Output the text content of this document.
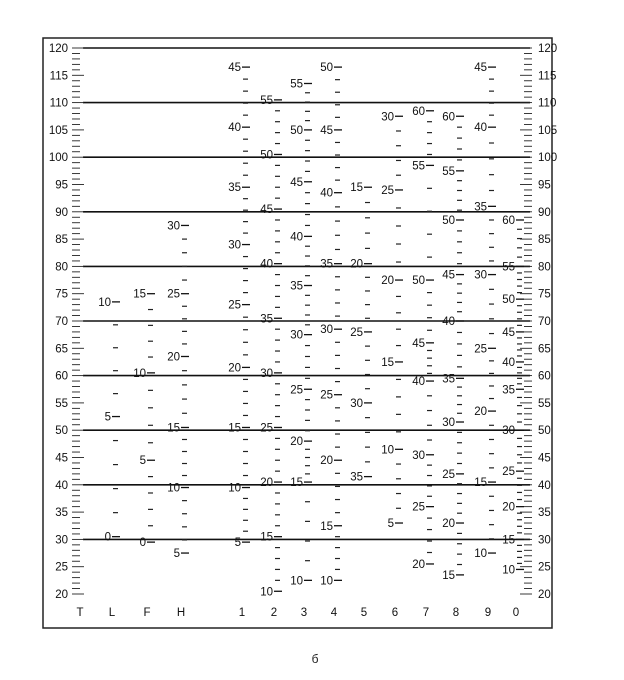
20
25
30
35
40
45
50
55
60
65
70
75
80
85
90
95
100
105
110
115
120
20
25
30
35
40
45
50
55
60
65
70
75
80
85
90
95
100
105
110
115
120
0
5
10
0
5
10
15
5
10
15
20
25
30
5
10
15
20
25
30
35
40
45
10
15
20
25
30
35
40
45
50
55
10
15
20
25
30
35
40
45
50
55
10
15
20
25
30
35
40
45
50
35
30
25
20
15
5
10
15
20
25
30
20
25
30
40
45
50
55
60
15
20
25
30
35
40
45
50
55
60
10
15
20
25
30
35
40
45
10
15
20
25
30
35
40
45
50
55
60
T L F H	1 2 3 4 5 6 7 8 9 0
б
